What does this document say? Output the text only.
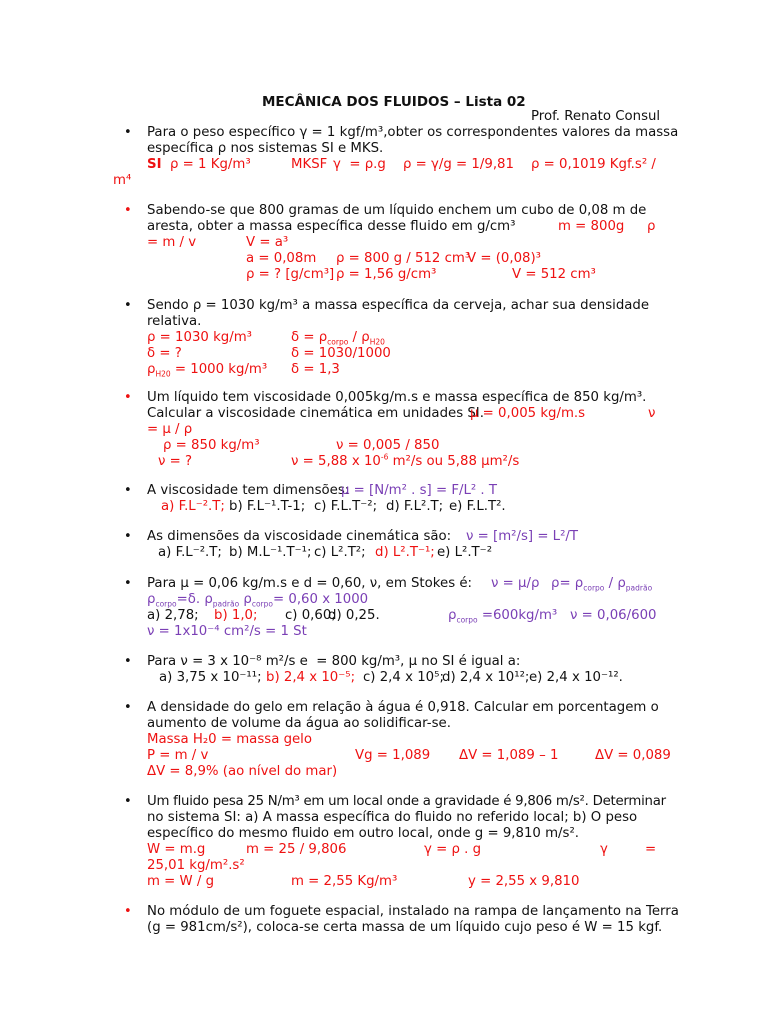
MECÂNICA DOS FLUIDOS – Lista 02
Prof. Renato Consul
• Para o peso específico γ = 1 kgf/m³,obter os correspondentes valores da massa
específica ρ nos sistemas SI e MKS.
SI ρ = 1 Kg/m³	MKSF γ  = ρ.g ρ = γ/g = 1/9,81 ρ = 0,1019 Kgf.s² /
m⁴
• Sabendo-se que 800 gramas de um líquido enchem um cubo de 0,08 m de
aresta, obter a massa específica desse fluido em g/cm³	m = 800g ρ
= m / v	V = a³
a = 0,08m ρ = 800 g / 512 cm³
V = (0,08)³
ρ = ? [g/cm³] ρ = 1,56 g/cm³	V = 512 cm³
• Sendo ρ = 1030 kg/m³ a massa específica da cerveja, achar sua densidade
relativa.
ρ = 1030 kg/m³	$\delta = \rho_{corpo} / \rho_{H20}$
δ = ?	δ = 1030/1000
$\rho_{H20} = 1000$ kg/m³ δ = 1,3
• Um líquido tem viscosidade 0,005kg/m.s e massa específica de 850 kg/m³.
Calcular a viscosidade cinemática em unidades SI.
μ = 0,005 kg/m.s	ν
= μ / ρ
ρ = 850 kg/m³	ν = 0,005 / 850
ν = ?	ν = 5,88 x $10^{-6}$ m²/s ou 5,88 μm²/s
• A viscosidade tem dimensões:
μ = [N/m² . s] = F/L² . T
a) F.L⁻².T; b) F.L⁻¹.T-1; c) F.L.T⁻²; d) F.L².T; e) F.L.T².
• As dimensões da viscosidade cinemática são: ν = [m²/s] = L²/T
a) F.L⁻².T; b) M.L⁻¹.T⁻¹; c) L².T²; d) L².T⁻¹; e) L².T⁻²
• Para μ = 0,06 kg/m.s e d = 0,60, ν, em Stokes é: ν = μ/ρ $\rho= \rho_{corpo} / \rho_{padrão}$
$\rho_{corpo}=\delta$. $\rho_{padrão}$ $\rho_{corpo}= 0,60$ x 1000
a) 2,78; b) 1,0; c) 0,60;
d) 0,25.	$\rho_{corpo} =600kg/m^3$ ν = 0,06/600
ν = 1x10⁻⁴ cm²/s = 1 St
• Para ν = 3 x 10⁻⁸ m²/s e  = 800 kg/m³, μ no SI é igual a:
a) 3,75 x 10⁻¹¹; b) 2,4 x 10⁻⁵; c) 2,4 x 10⁵;
d) 2,4 x 10¹²; e) 2,4 x 10⁻¹².
• A densidade do gelo em relação à água é 0,918. Calcular em porcentagem o
aumento de volume da água ao solidificar-se.
Massa H₂0 = massa gelo
P = m / v	Vg = 1,089 ΔV = 1,089 – 1	ΔV = 0,089
ΔV = 8,9% (ao nível do mar)
• Um fluido pesa 25 N/m³ em um local onde a gravidade é 9,806 m/s². Determinar
no sistema SI: a) A massa específica do fluido no referido local; b) O peso
específico do mesmo fluido em outro local, onde g = 9,810 m/s².
W = m.g	m = 25 / 9,806	γ = ρ . g	γ	=
25,01 kg/m².s²
m = W / g	m = 2,55 Kg/m³	y = 2,55 x 9,810
• No módulo de um foguete espacial, instalado na rampa de lançamento na Terra
(g = 981cm/s²), coloca-se certa massa de um líquido cujo peso é W = 15 kgf.
